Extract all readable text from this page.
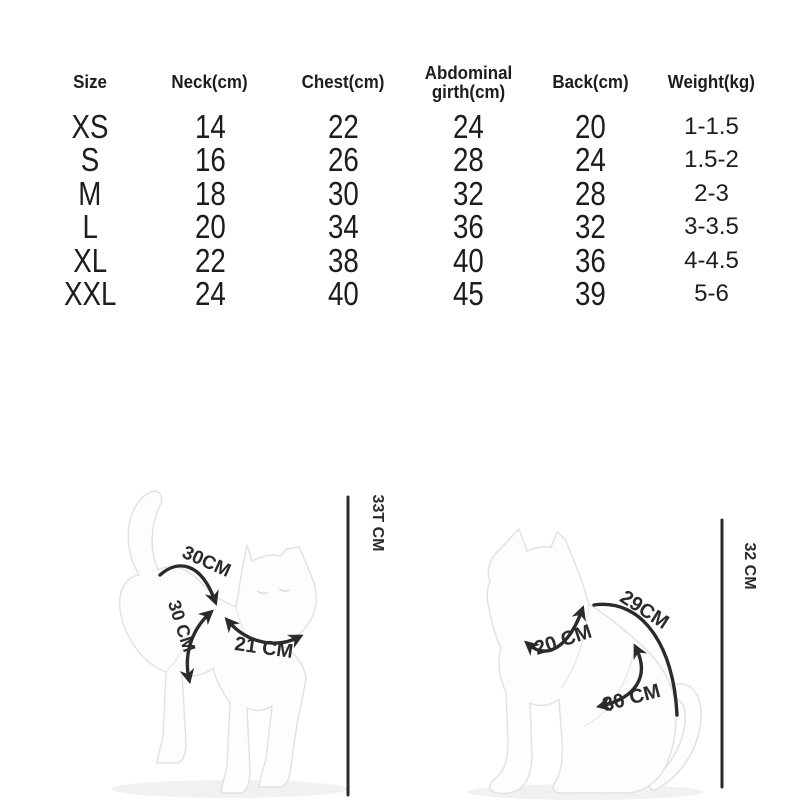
Size	Neck(cm)	Chest(cm)	Abdominal girth(cm)	Back(cm) Weight(kg)
XS	14	22	24	20	1-1.5
S	16	26	28	24	1.5-2
M	18	30	32	28	2-3
L	20	34	36	32	3-3.5
XL	22	38	40	36	4-4.5
XXL 24	40	45	39	5-6
30CM
30 CM 21 CM
33T CM
20 CM
29CM
30 CM
32 CM
